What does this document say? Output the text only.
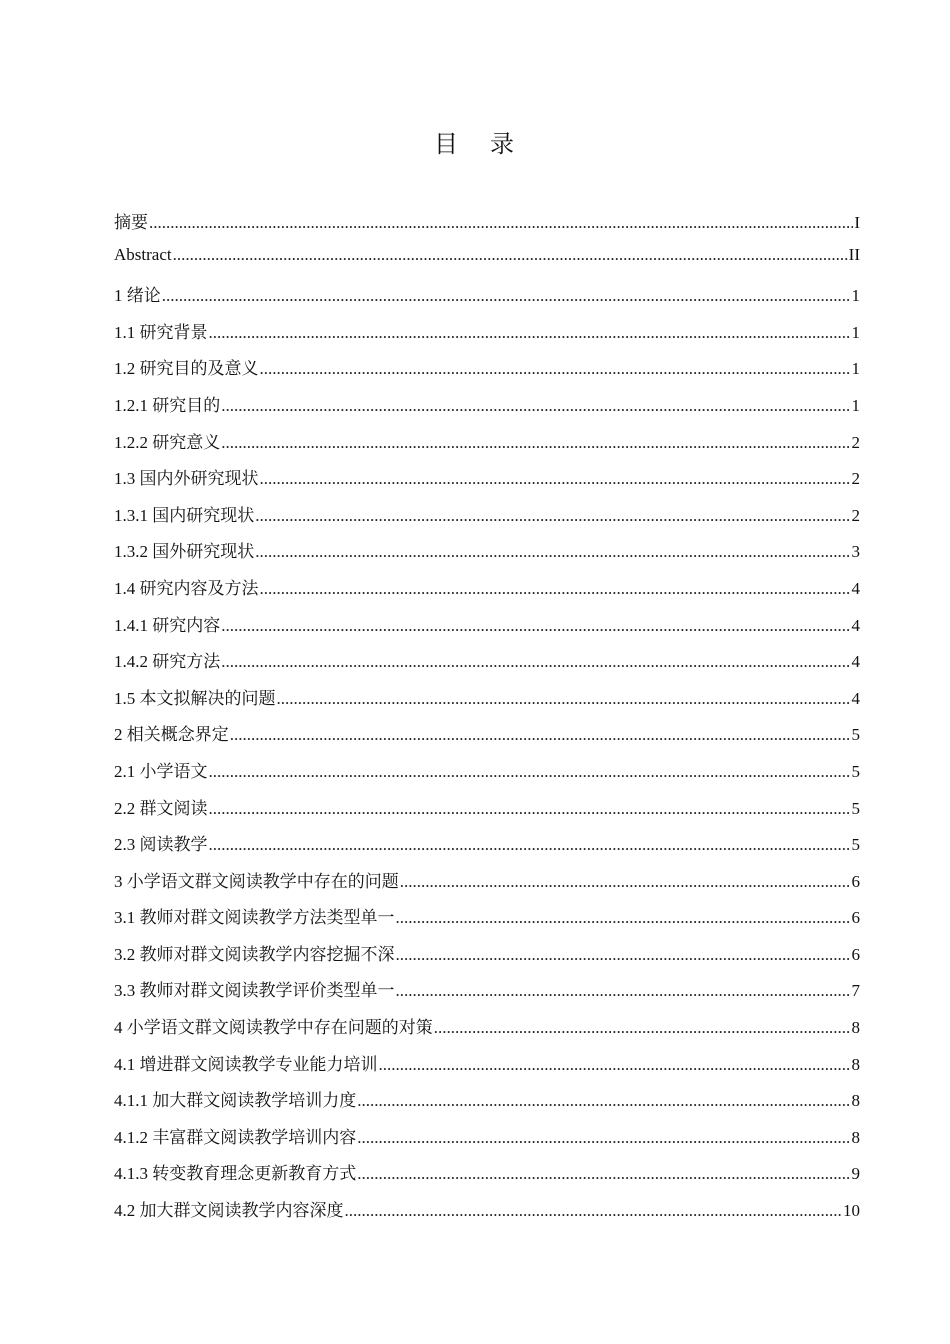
目 录
摘要 .....	I
Abstract .....	II
1 绪论 .....	1
1.1 研究背景 .....	1
1.2 研究目的及意义 .....	1
1.2.1 研究目的 .....	1
1.2.2 研究意义 .....	2
1.3 国内外研究现状 .....	2
1.3.1 国内研究现状 .....	2
1.3.2 国外研究现状 .....	3
1.4 研究内容及方法 .....	4
1.4.1 研究内容 .....	4
1.4.2 研究方法 .....	4
1.5 本文拟解决的问题 .....	4
2 相关概念界定 .....	5
2.1 小学语文 .....	5
2.2 群文阅读 .....	5
2.3 阅读教学 .....	5
3 小学语文群文阅读教学中存在的问题 .....	6
3.1 教师对群文阅读教学方法类型单一 .....	6
3.2 教师对群文阅读教学内容挖掘不深 .....	6
3.3 教师对群文阅读教学评价类型单一 .....	7
4 小学语文群文阅读教学中存在问题的对策 .....	8
4.1 增进群文阅读教学专业能力培训 .....	8
4.1.1 加大群文阅读教学培训力度 .....	8
4.1.2 丰富群文阅读教学培训内容 .....	8
4.1.3 转变教育理念更新教育方式 .....	9
4.2 加大群文阅读教学内容深度 .....	10
